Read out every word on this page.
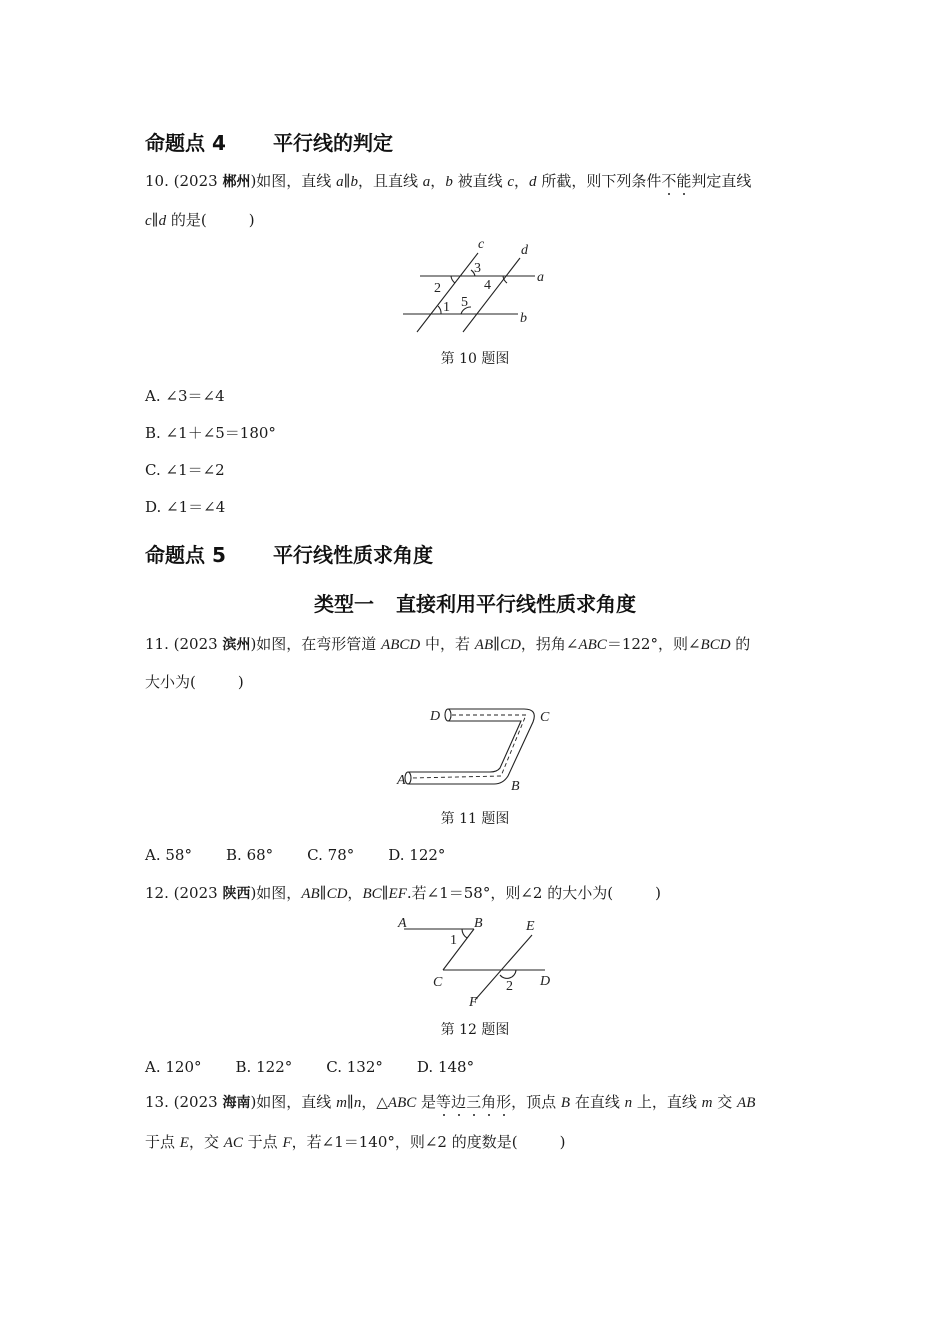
命题点 4 平行线的判定
10. (2023 郴州)如图，直线 a∥b，且直线 a，b 被直线 c，d 所截，则下列条件不能判定直线
c∥d 的是(	)
c	d
a
b
1
2
3
4
5
D	C
A	B
A	B
C	D
E
F
1
2
第 10 题图
A. ∠3＝∠4
B. ∠1＋∠5＝180°
C. ∠1＝∠2
D. ∠1＝∠4
命题点 5 平行线性质求角度
类型一 直接利用平行线性质求角度
11. (2023 滨州)如图，在弯形管道 ABCD 中，若 AB∥CD，拐角∠ABC＝122°，则∠BCD 的
大小为(	)
第 11 题图
A. 58° B. 68° C. 78° D. 122°
12. (2023 陕西)如图，AB∥CD，BC∥EF.若∠1＝58°，则∠2 的大小为(	)
第 12 题图
A. 120° B. 122° C. 132° D. 148°
13. (2023 海南)如图，直线 m∥n，△ABC 是等边三角形，顶点 B 在直线 n 上，直线 m 交 AB
于点 E，交 AC 于点 F，若∠1＝140°，则∠2 的度数是(	)
